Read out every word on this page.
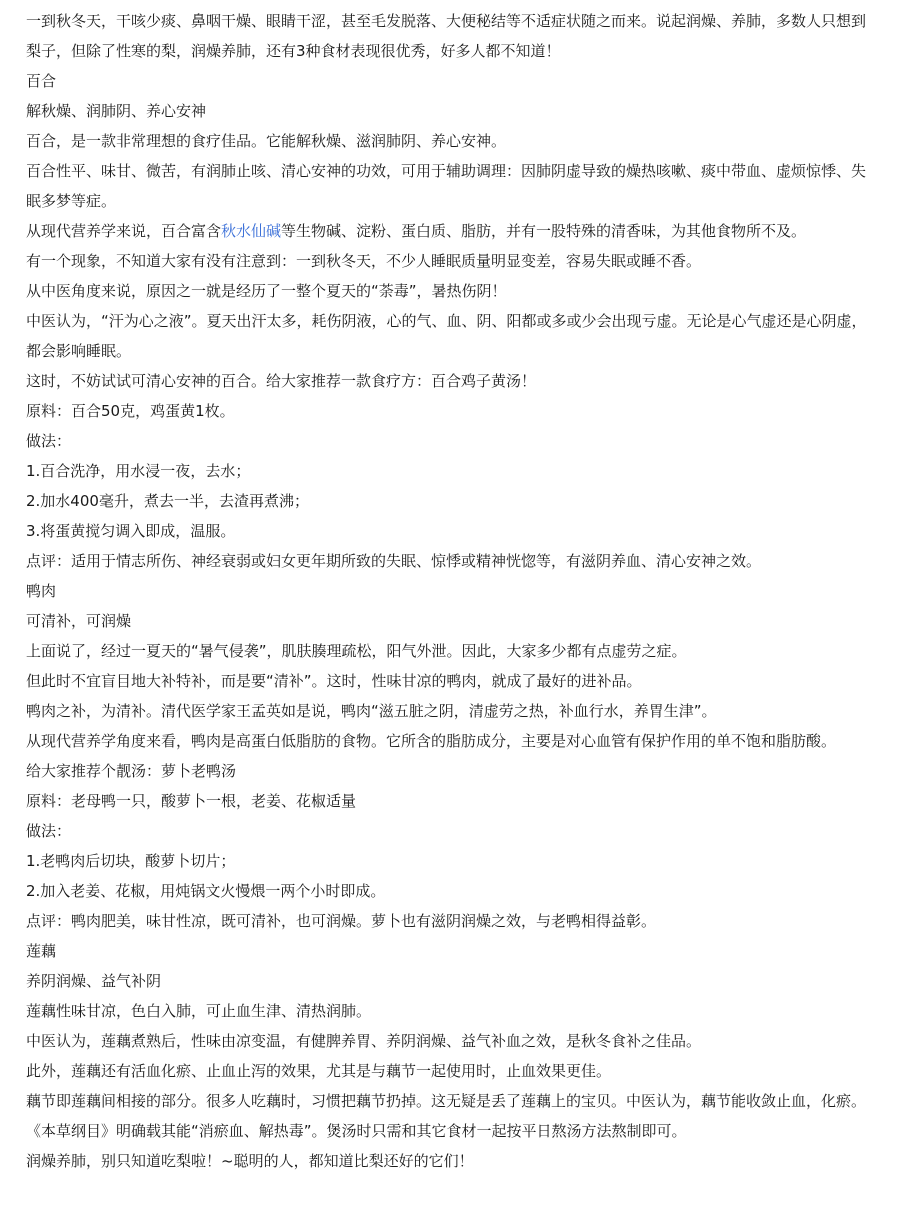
一到秋冬天，干咳少痰、鼻咽干燥、眼睛干涩，甚至毛发脱落、大便秘结等不适症状随之而来。说起润燥、养肺，多数人只想到梨子，但除了性寒的梨，润燥养肺，还有3种食材表现很优秀，好多人都不知道！

百合

解秋燥、润肺阴、养心安神

百合，是一款非常理想的食疗佳品。它能解秋燥、滋润肺阴、养心安神。

百合性平、味甘、微苦，有润肺止咳、清心安神的功效，可用于辅助调理：因肺阴虚导致的燥热咳嗽、痰中带血、虚烦惊悸、失眠多梦等症。

从现代营养学来说，百合富含秋水仙碱等生物碱、淀粉、蛋白质、脂肪，并有一股特殊的清香味，为其他食物所不及。

有一个现象，不知道大家有没有注意到：一到秋冬天，不少人睡眠质量明显变差，容易失眠或睡不香。

从中医角度来说，原因之一就是经历了一整个夏天的“荼毒”，暑热伤阴！

中医认为，“汗为心之液”。夏天出汗太多，耗伤阴液，心的气、血、阴、阳都或多或少会出现亏虚。无论是心气虚还是心阴虚，都会影响睡眠。

这时，不妨试试可清心安神的百合。给大家推荐一款食疗方：百合鸡子黄汤！

原料：百合50克，鸡蛋黄1枚。

做法：

1.百合洗净，用水浸一夜，去水；

2.加水400毫升，煮去一半，去渣再煮沸；

3.将蛋黄搅匀调入即成，温服。

点评：适用于情志所伤、神经衰弱或妇女更年期所致的失眠、惊悸或精神恍惚等，有滋阴养血、清心安神之效。

鸭肉

可清补，可润燥

上面说了，经过一夏天的“暑气侵袭”，肌肤腠理疏松，阳气外泄。因此，大家多少都有点虚劳之症。

但此时不宜盲目地大补特补，而是要“清补”。这时，性味甘凉的鸭肉，就成了最好的进补品。

鸭肉之补，为清补。清代医学家王孟英如是说，鸭肉“滋五脏之阴，清虚劳之热，补血行水，养胃生津”。

从现代营养学角度来看，鸭肉是高蛋白低脂肪的食物。它所含的脂肪成分，主要是对心血管有保护作用的单不饱和脂肪酸。

给大家推荐个靓汤：萝卜老鸭汤

原料：老母鸭一只，酸萝卜一根，老姜、花椒适量

做法：

1.老鸭肉后切块，酸萝卜切片；

2.加入老姜、花椒，用炖锅文火慢煨一两个小时即成。

点评：鸭肉肥美，味甘性凉，既可清补，也可润燥。萝卜也有滋阴润燥之效，与老鸭相得益彰。

莲藕

养阴润燥、益气补阴

莲藕性味甘凉，色白入肺，可止血生津、清热润肺。

中医认为，莲藕煮熟后，性味由凉变温，有健脾养胃、养阴润燥、益气补血之效，是秋冬食补之佳品。

此外，莲藕还有活血化瘀、止血止泻的效果，尤其是与藕节一起使用时，止血效果更佳。

藕节即莲藕间相接的部分。很多人吃藕时，习惯把藕节扔掉。这无疑是丢了莲藕上的宝贝。中医认为，藕节能收敛止血，化瘀。《本草纲目》明确载其能“消瘀血、解热毒”。煲汤时只需和其它食材一起按平日熬汤方法熬制即可。

润燥养肺，别只知道吃梨啦！~聪明的人，都知道比梨还好的它们！
